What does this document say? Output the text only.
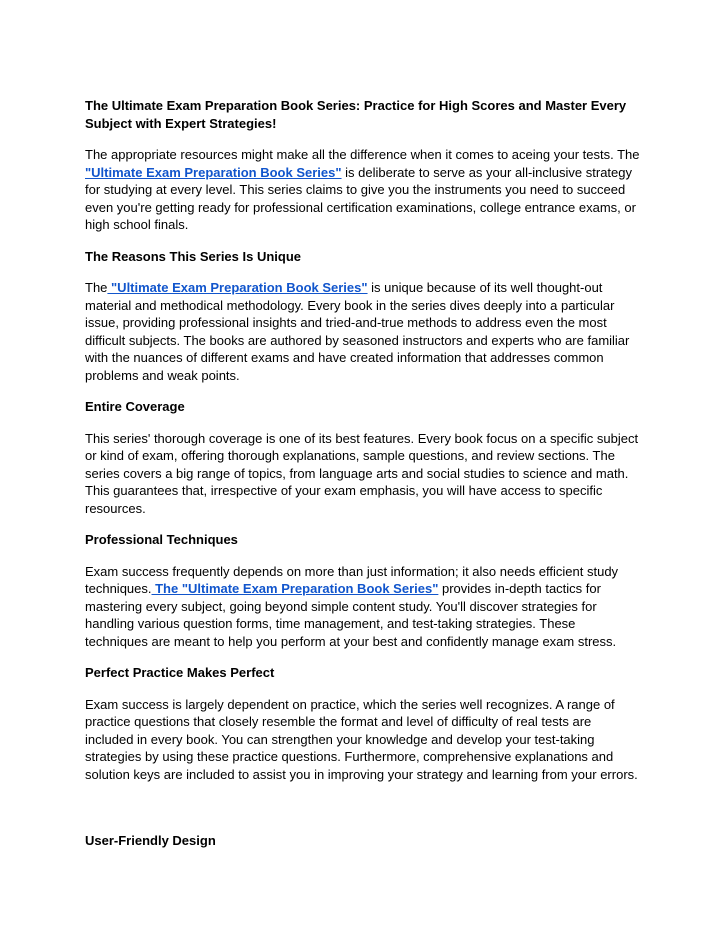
The Ultimate Exam Preparation Book Series: Practice for High Scores and Master Every Subject with Expert Strategies!

The appropriate resources might make all the difference when it comes to aceing your tests. The "Ultimate Exam Preparation Book Series" is deliberate to serve as your all-inclusive strategy for studying at every level. This series claims to give you the instruments you need to succeed even you're getting ready for professional certification examinations, college entrance exams, or high school finals.

The Reasons This Series Is Unique

The "Ultimate Exam Preparation Book Series" is unique because of its well thought-out material and methodical methodology. Every book in the series dives deeply into a particular issue, providing professional insights and tried-and-true methods to address even the most difficult subjects. The books are authored by seasoned instructors and experts who are familiar with the nuances of different exams and have created information that addresses common problems and weak points.

Entire Coverage

This series' thorough coverage is one of its best features. Every book focus on a specific subject or kind of exam, offering thorough explanations, sample questions, and review sections. The series covers a big range of topics, from language arts and social studies to science and math. This guarantees that, irrespective of your exam emphasis, you will have access to specific resources.

Professional Techniques

Exam success frequently depends on more than just information; it also needs efficient study techniques. The "Ultimate Exam Preparation Book Series" provides in-depth tactics for mastering every subject, going beyond simple content study. You'll discover strategies for handling various question forms, time management, and test-taking strategies. These techniques are meant to help you perform at your best and confidently manage exam stress.

Perfect Practice Makes Perfect

Exam success is largely dependent on practice, which the series well recognizes. A range of practice questions that closely resemble the format and level of difficulty of real tests are included in every book. You can strengthen your knowledge and develop your test-taking strategies by using these practice questions. Furthermore, comprehensive explanations and solution keys are included to assist you in improving your strategy and learning from your errors.

User-Friendly Design
